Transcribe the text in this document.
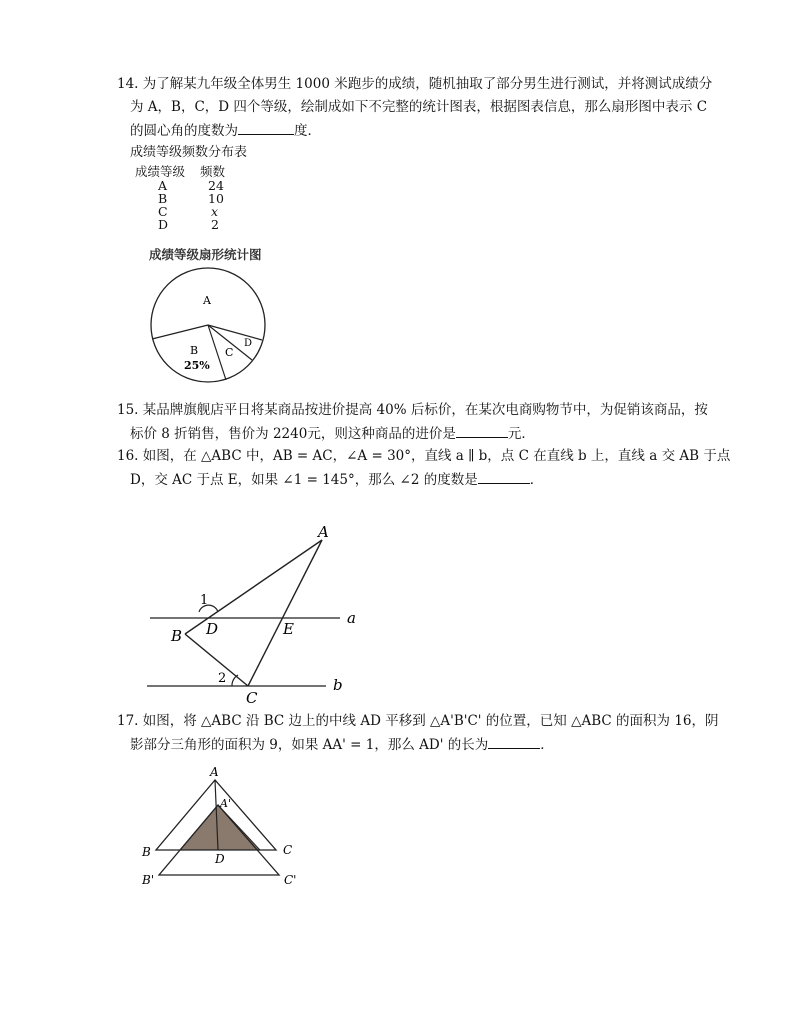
14. 为了解某九年级全体男生 1000 米跑步的成绩，随机抽取了部分男生进行测试，并将测试成绩分
为 A，B，C，D 四个等级，绘制成如下不完整的统计图表，根据图表信息，那么扇形图中表示 C
的圆心角的度数为	度．
成绩等级频数分布表
成绩等级 频数
A	24
B	10
C	x
D	2
成绩等级扇形统计图
A
B
25%
C
D
15. 某品牌旗舰店平日将某商品按进价提高 40% 后标价，在某次电商购物节中，为促销该商品，按
标价 8 折销售，售价为 2240元，则这种商品的进价是	元．
16. 如图，在 △ABC 中，AB = AC，∠A = 30°，直线 a ∥ b，点 C 在直线 b 上，直线 a 交 AB 于点
D，交 AC 于点 E，如果 ∠1 = 145°，那么 ∠2 的度数是	．
A
B
C
D	E
a
b
1
2
17. 如图，将 △ABC 沿 BC 边上的中线 AD 平移到 △A'B'C' 的位置，已知 △ABC 的面积为 16，阴
影部分三角形的面积为 9，如果 AA' = 1，那么 AD' 的长为	．
A
A'
B	C
D
B'	C'
